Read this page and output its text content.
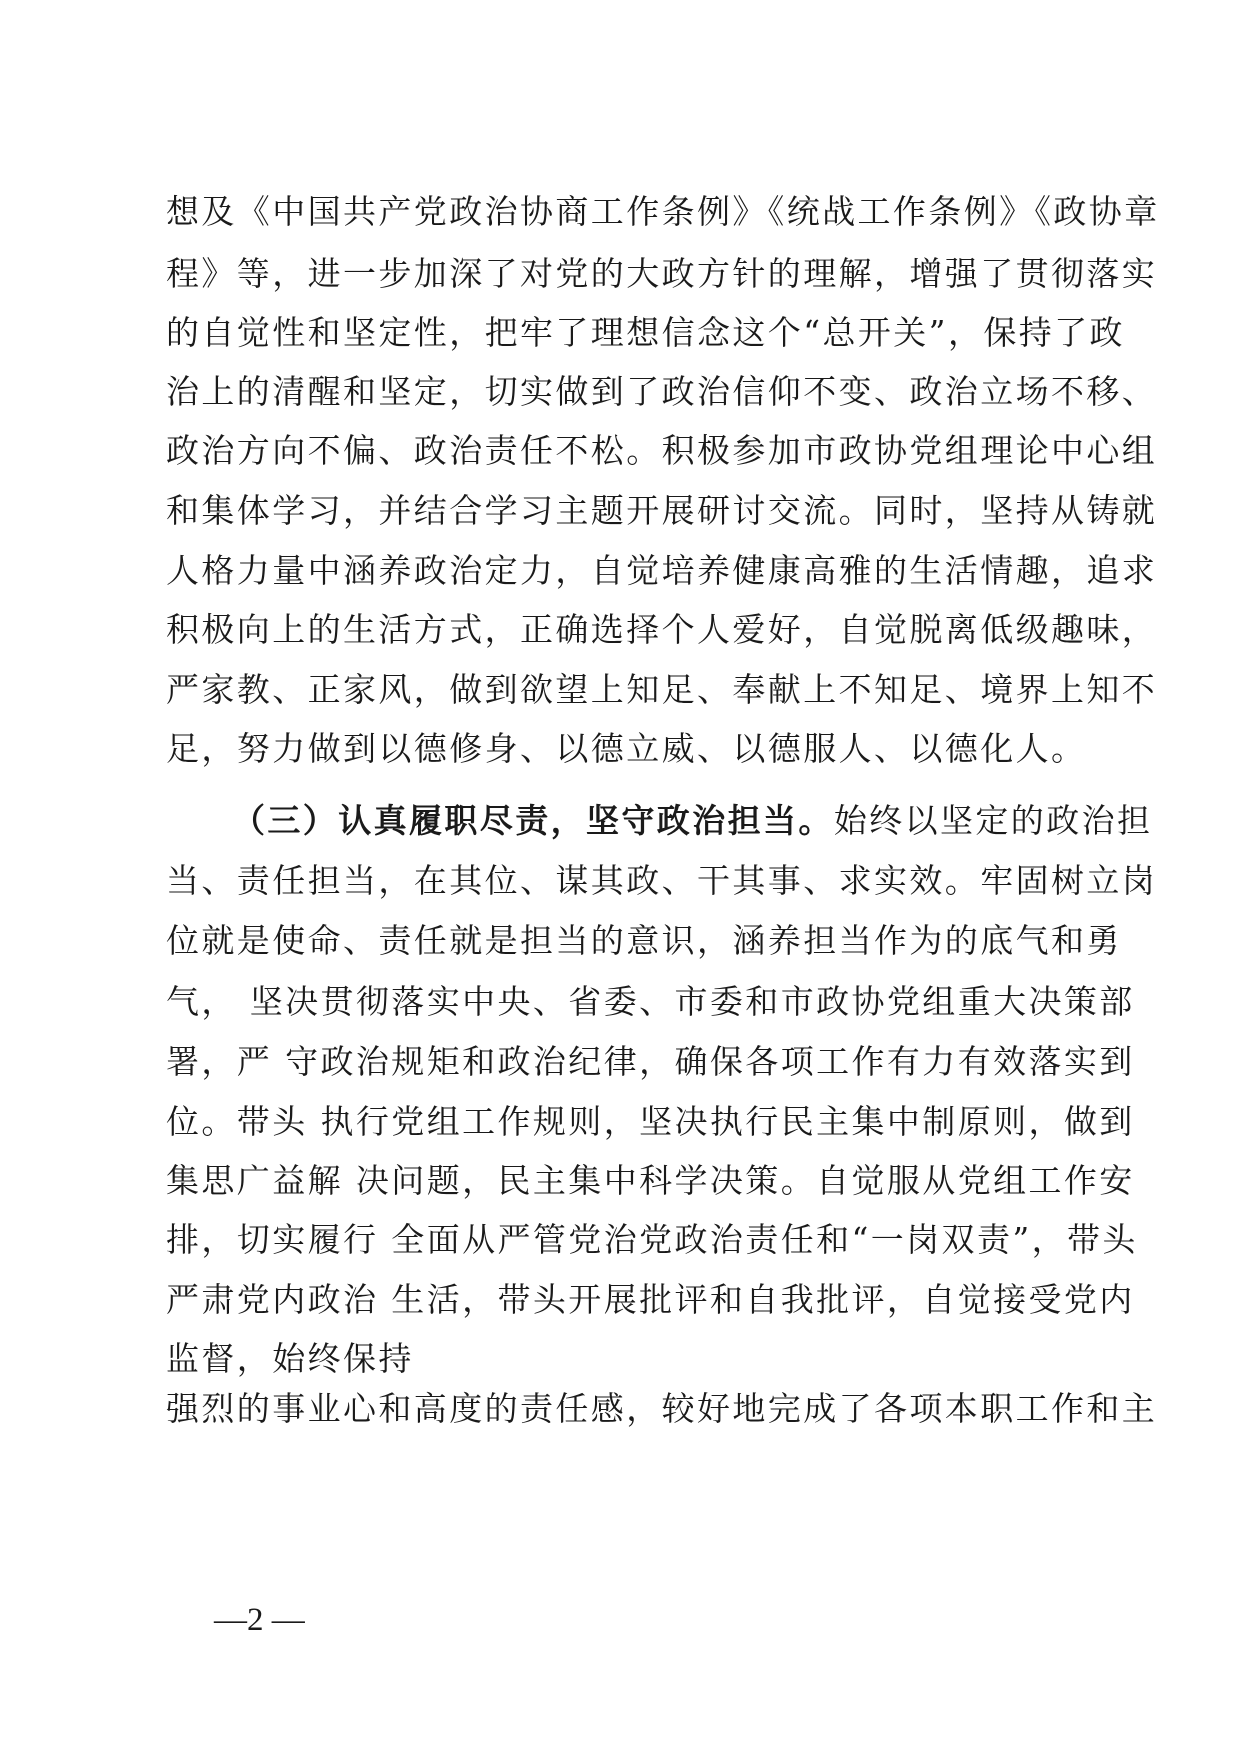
想及《中国共产党政治协商工作条例》《统战工作条例》《政协章
程》等，进一步加深了对党的大政方针的理解，增强了贯彻落实
的自觉性和坚定性，把牢了理想信念这个“总开关”，保持了政
治上的清醒和坚定，切实做到了政治信仰不变、政治立场不移、
政治方向不偏、政治责任不松。积极参加市政协党组理论中心组
和集体学习，并结合学习主题开展研讨交流。同时，坚持从铸就
人格力量中涵养政治定力，自觉培养健康高雅的生活情趣，追求
积极向上的生活方式，正确选择个人爱好，自觉脱离低级趣味，
严家教、正家风，做到欲望上知足、奉献上不知足、境界上知不
足，努力做到以德修身、以德立威、以德服人、以德化人。
（三）认真履职尽责，坚守政治担当。始终以坚定的政治担
当、责任担当，在其位、谋其政、干其事、求实效。牢固树立岗
位就是使命、责任就是担当的意识，涵养担当作为的底气和勇
气， 坚决贯彻落实中央、省委、市委和市政协党组重大决策部
署，严 守政治规矩和政治纪律，确保各项工作有力有效落实到
位。带头 执行党组工作规则，坚决执行民主集中制原则，做到
集思广益解 决问题，民主集中科学决策。自觉服从党组工作安
排，切实履行 全面从严管党治党政治责任和“一岗双责”，带头
严肃党内政治 生活，带头开展批评和自我批评，自觉接受党内
监督，始终保持
强烈的事业心和高度的责任感，较好地完成了各项本职工作和主
—2 —
